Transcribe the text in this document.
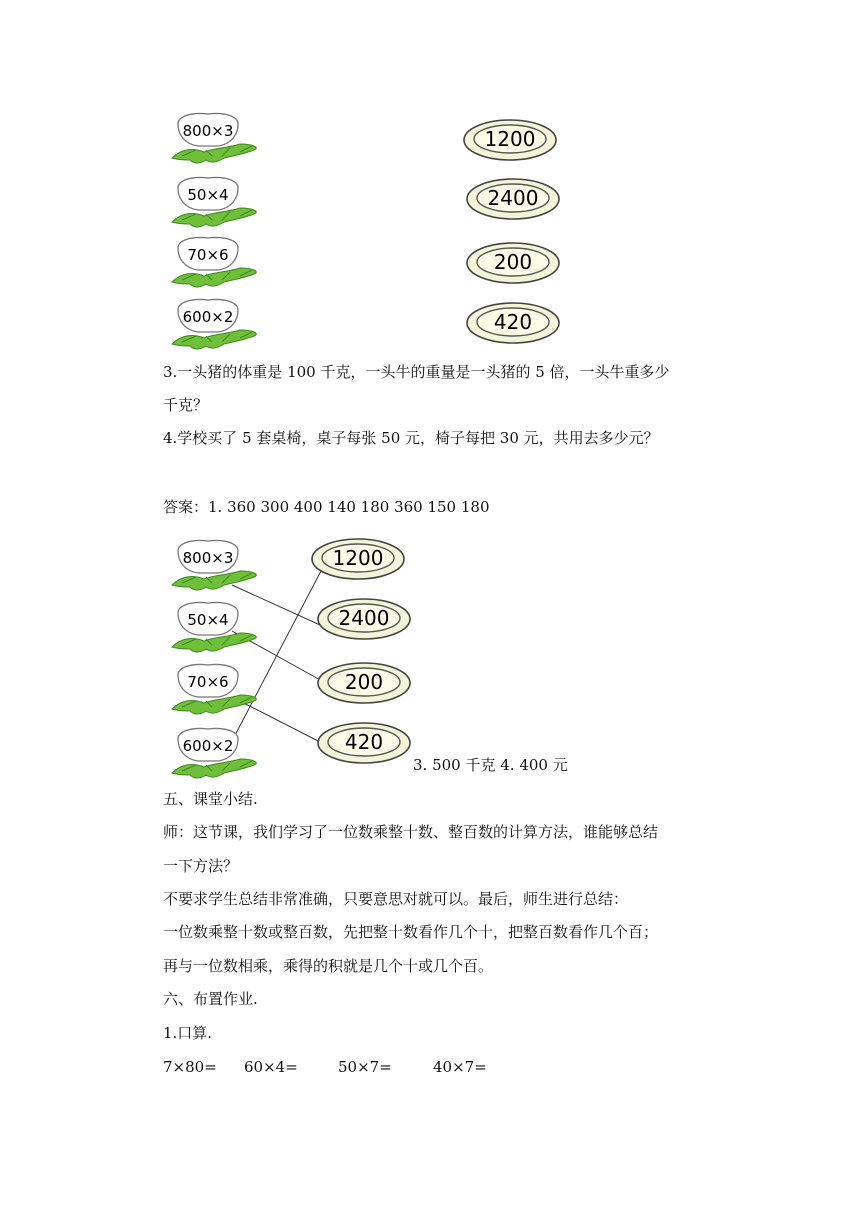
800×3
50×4
70×6
600×2
1200
2400
200
420
3.一头猪的体重是 100 千克，一头牛的重量是一头猪的 5 倍，一头牛重多少
千克？
4.学校买了 5 套桌椅，桌子每张 50 元，椅子每把 30 元，共用去多少元？
答案：1. 360 300 400 140 180 360 150 180
800×3
50×4
70×6
600×2
1200
2400
200
420
3. 500 千克 4. 400 元
五、课堂小结.
师：这节课，我们学习了一位数乘整十数、整百数的计算方法，谁能够总结
一下方法？
不要求学生总结非常准确，只要意思对就可以。最后，师生进行总结：
一位数乘整十数或整百数，先把整十数看作几个十，把整百数看作几个百；
再与一位数相乘，乘得的积就是几个十或几个百。
六、布置作业.
1.口算.
7×80= 60×4=	50×7=	40×7=
